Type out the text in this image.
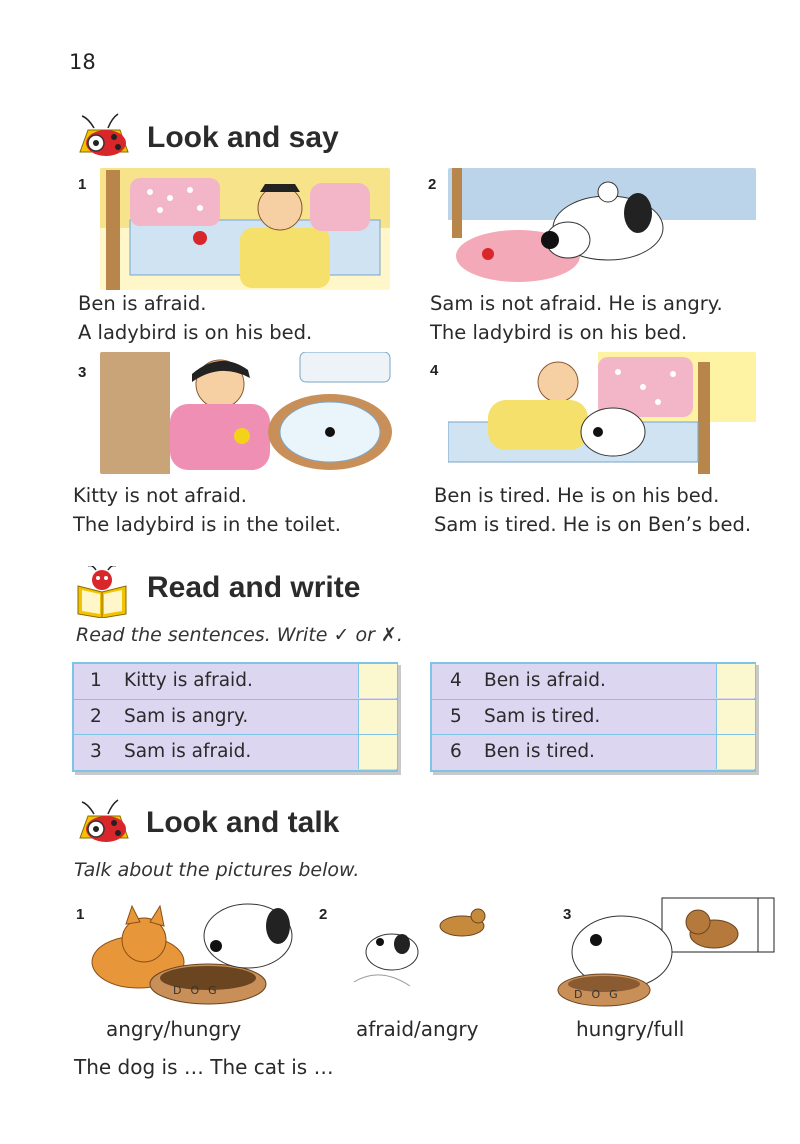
18
Look and say
1
Ben is afraid.
A ladybird is on his bed.
2
Sam is not afraid. He is angry.
The ladybird is on his bed.
3
Kitty is not afraid.
The ladybird is in the toilet.
4
Ben is tired. He is on his bed.
Sam is tired. He is on Ben’s bed.
Read and write
Read the sentences. Write ✓ or ✗.
1 Kitty is afraid.
2 Sam is angry.
3 Sam is afraid.
4 Ben is afraid.
5 Sam is tired.
6 Ben is tired.
Look and talk
Talk about the pictures below.
1
DOG
angry/hungry
2
afraid/angry
3
DOG
hungry/full
The dog is … The cat is …
